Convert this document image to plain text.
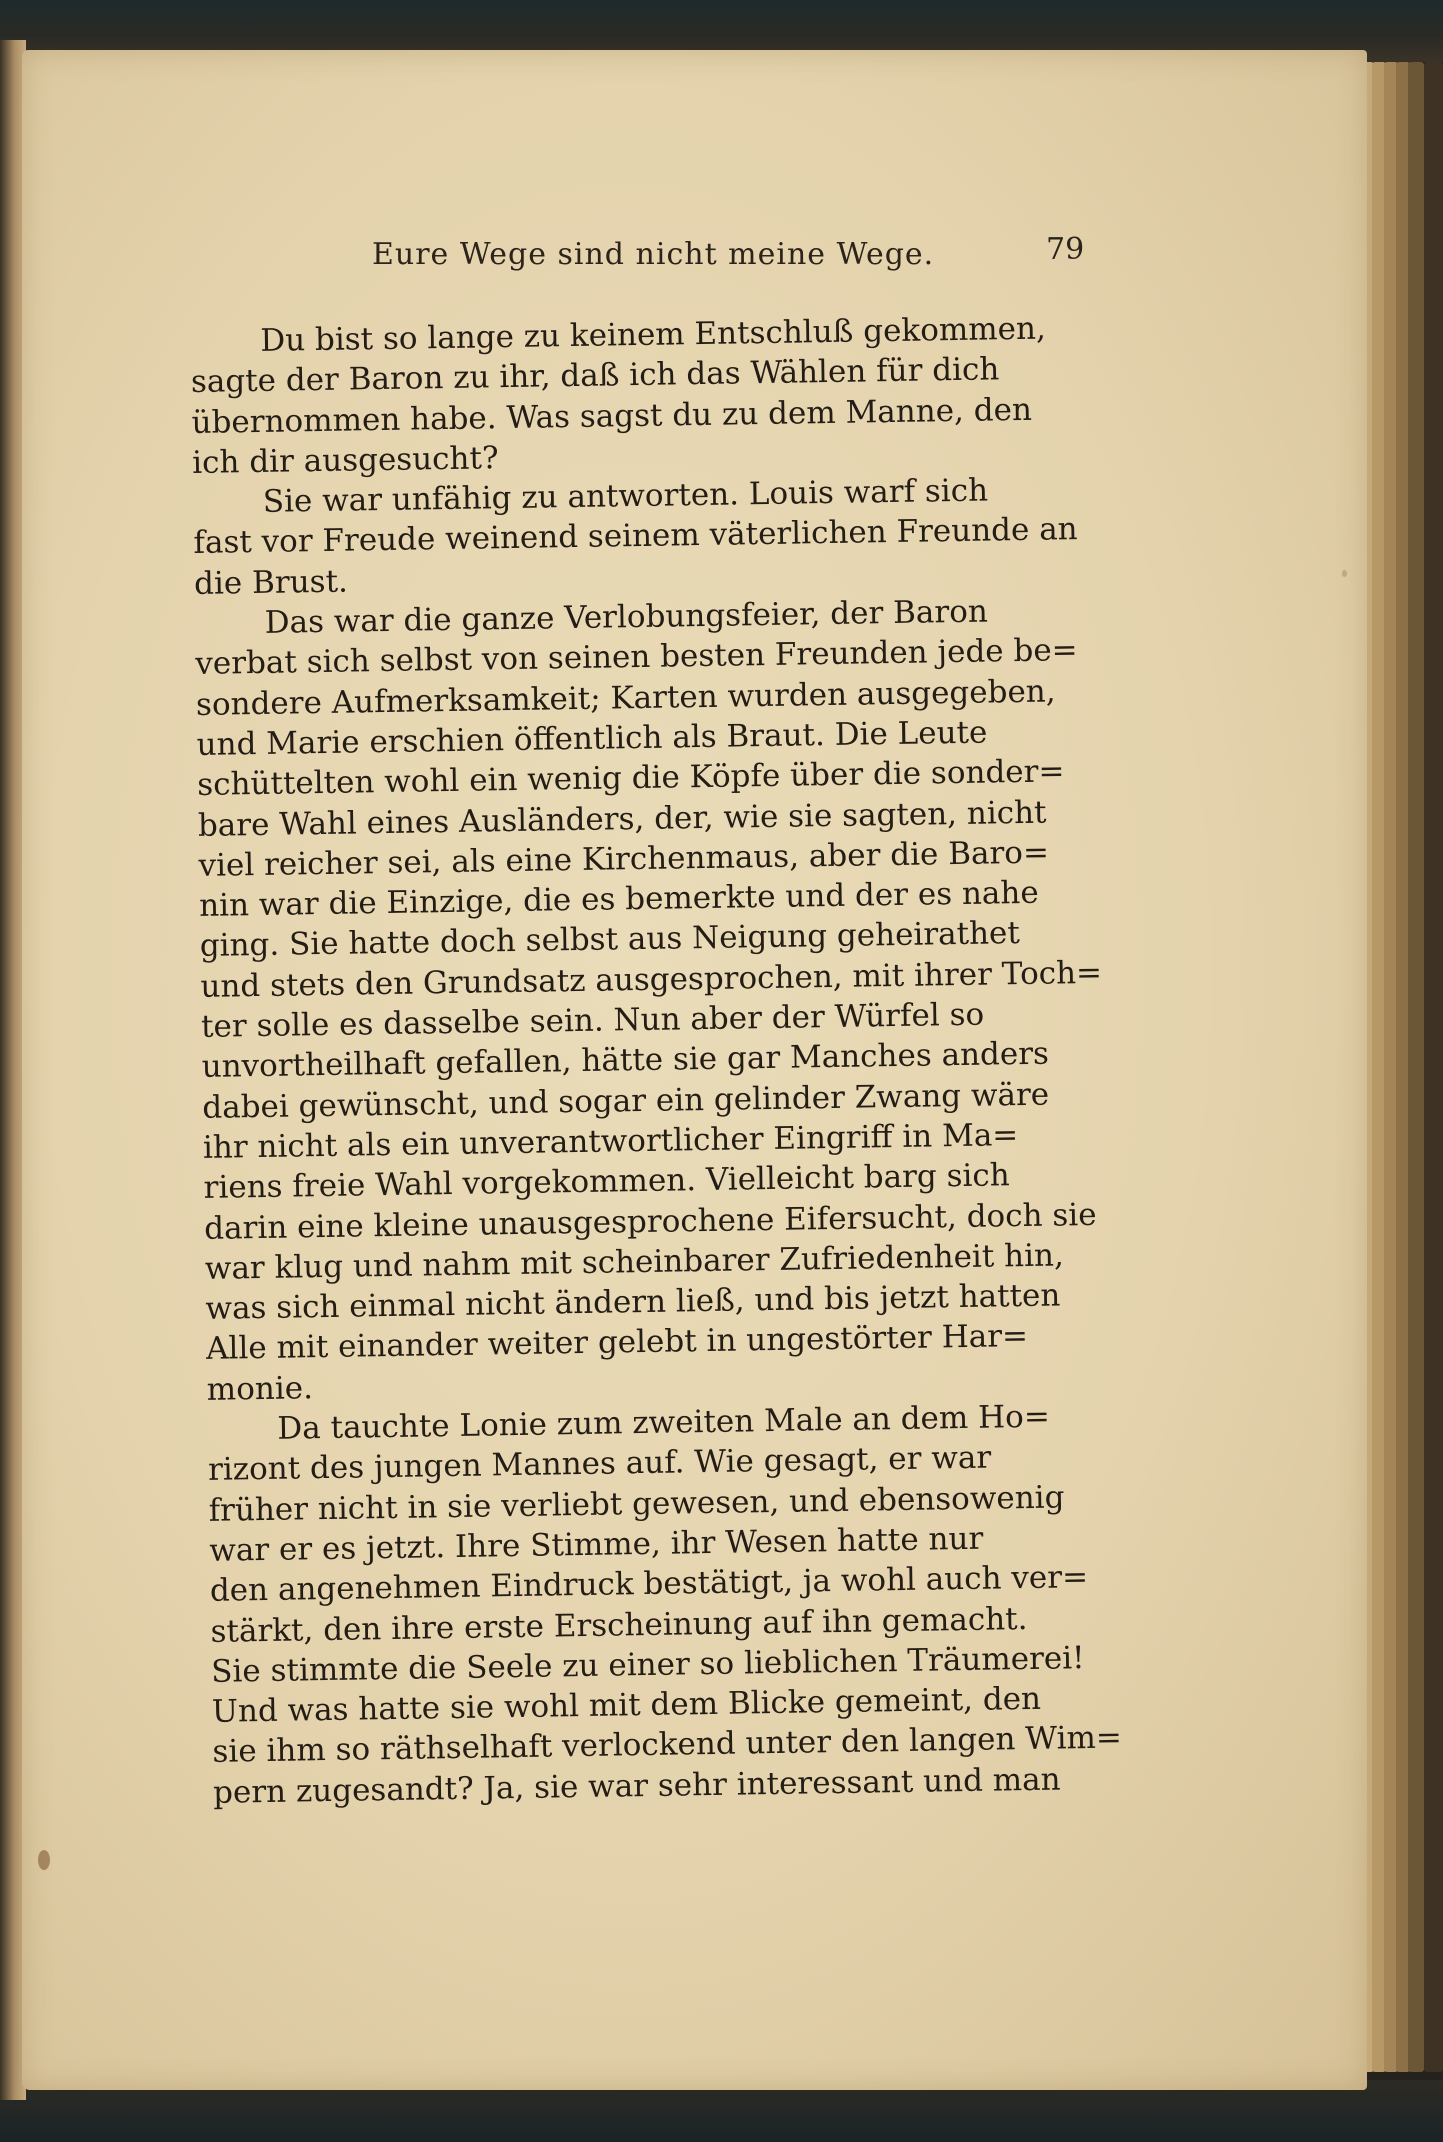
Eure Wege sind nicht meine Wege.	79
Du bist so lange zu keinem Entschluß gekommen,
sagte der Baron zu ihr, daß ich das Wählen für dich
übernommen habe. Was sagst du zu dem Manne, den
ich dir ausgesucht?
Sie war unfähig zu antworten. Louis warf sich
fast vor Freude weinend seinem väterlichen Freunde an
die Brust.
Das war die ganze Verlobungsfeier, der Baron
verbat sich selbst von seinen besten Freunden jede be=
sondere Aufmerksamkeit; Karten wurden ausgegeben,
und Marie erschien öffentlich als Braut. Die Leute
schüttelten wohl ein wenig die Köpfe über die sonder=
bare Wahl eines Ausländers, der, wie sie sagten, nicht
viel reicher sei, als eine Kirchenmaus, aber die Baro=
nin war die Einzige, die es bemerkte und der es nahe
ging. Sie hatte doch selbst aus Neigung geheirathet
und stets den Grundsatz ausgesprochen, mit ihrer Toch=
ter solle es dasselbe sein. Nun aber der Würfel so
unvortheilhaft gefallen, hätte sie gar Manches anders
dabei gewünscht, und sogar ein gelinder Zwang wäre
ihr nicht als ein unverantwortlicher Eingriff in Ma=
riens freie Wahl vorgekommen. Vielleicht barg sich
darin eine kleine unausgesprochene Eifersucht, doch sie
war klug und nahm mit scheinbarer Zufriedenheit hin,
was sich einmal nicht ändern ließ, und bis jetzt hatten
Alle mit einander weiter gelebt in ungestörter Har=
monie.
Da tauchte Lonie zum zweiten Male an dem Ho=
rizont des jungen Mannes auf. Wie gesagt, er war
früher nicht in sie verliebt gewesen, und ebensowenig
war er es jetzt. Ihre Stimme, ihr Wesen hatte nur
den angenehmen Eindruck bestätigt, ja wohl auch ver=
stärkt, den ihre erste Erscheinung auf ihn gemacht.
Sie stimmte die Seele zu einer so lieblichen Träumerei!
Und was hatte sie wohl mit dem Blicke gemeint, den
sie ihm so räthselhaft verlockend unter den langen Wim=
pern zugesandt? Ja, sie war sehr interessant und man
